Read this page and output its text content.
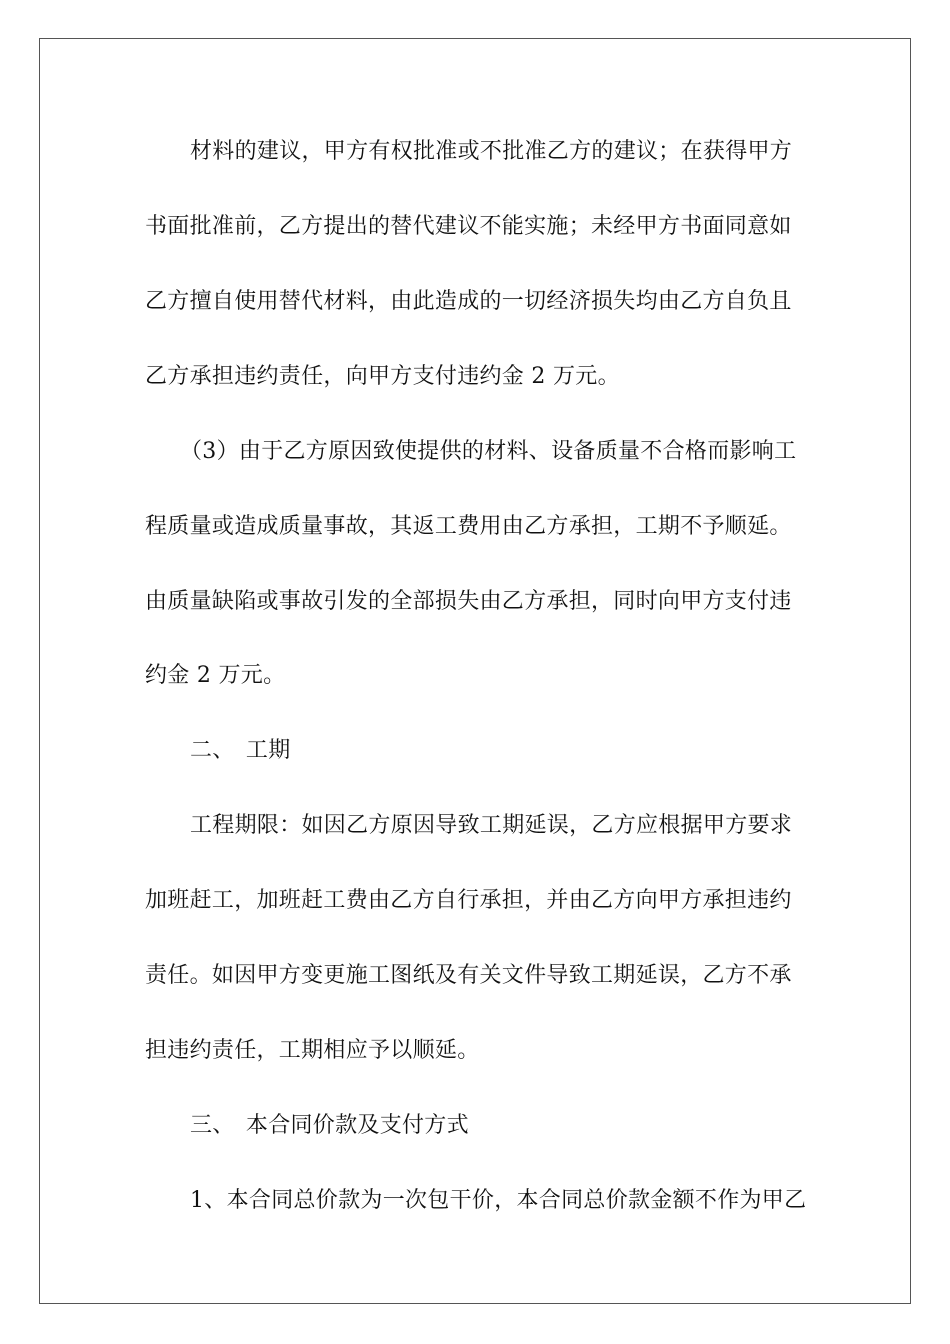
材料的建议，甲方有权批准或不批准乙方的建议；在获得甲方
书面批准前，乙方提出的替代建议不能实施；未经甲方书面同意如
乙方擅自使用替代材料，由此造成的一切经济损失均由乙方自负且
乙方承担违约责任，向甲方支付违约金 2 万元。
（3）由于乙方原因致使提供的材料、设备质量不合格而影响工
程质量或造成质量事故，其返工费用由乙方承担，工期不予顺延。
由质量缺陷或事故引发的全部损失由乙方承担，同时向甲方支付违
约金 2 万元。
二、　工期
工程期限：如因乙方原因导致工期延误，乙方应根据甲方要求
加班赶工，加班赶工费由乙方自行承担，并由乙方向甲方承担违约
责任。如因甲方变更施工图纸及有关文件导致工期延误，乙方不承
担违约责任，工期相应予以顺延。
三、　本合同价款及支付方式
1、本合同总价款为一次包干价，本合同总价款金额不作为甲乙
